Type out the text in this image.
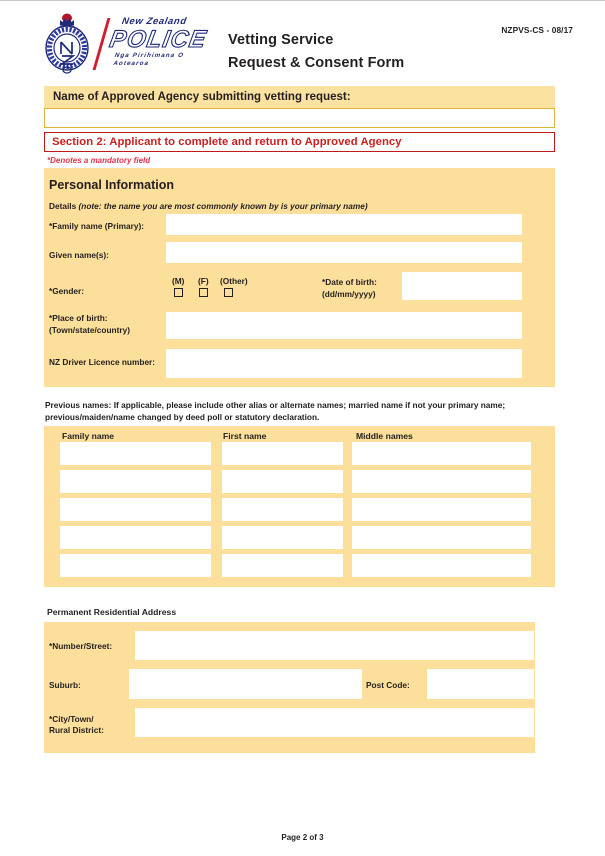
New Zealand
POLICE
Nga Pirihimana O Aotearoa
Vetting Service
Request & Consent Form
NZPVS-CS - 08/17
Name of Approved Agency submitting vetting request:
Section 2: Applicant to complete and return to Approved Agency
*Denotes a mandatory field
Personal Information
Details (note: the name you are most commonly known by is your primary name)
*Family name (Primary):
Given name(s):
*Gender:
(M) (F) (Other)	*Date of birth:
(dd/mm/yyyy)
*Place of birth:
(Town/state/country)
NZ Driver Licence number:
Previous names: If applicable, please include other alias or alternate names; married name if not your primary name;
previous/maiden/name changed by deed poll or statutory declaration.
Family name	First name	Middle names
Permanent Residential Address
*Number/Street:
Suburb:	Post Code:
*City/Town/
Rural District:
Page 2 of 3
